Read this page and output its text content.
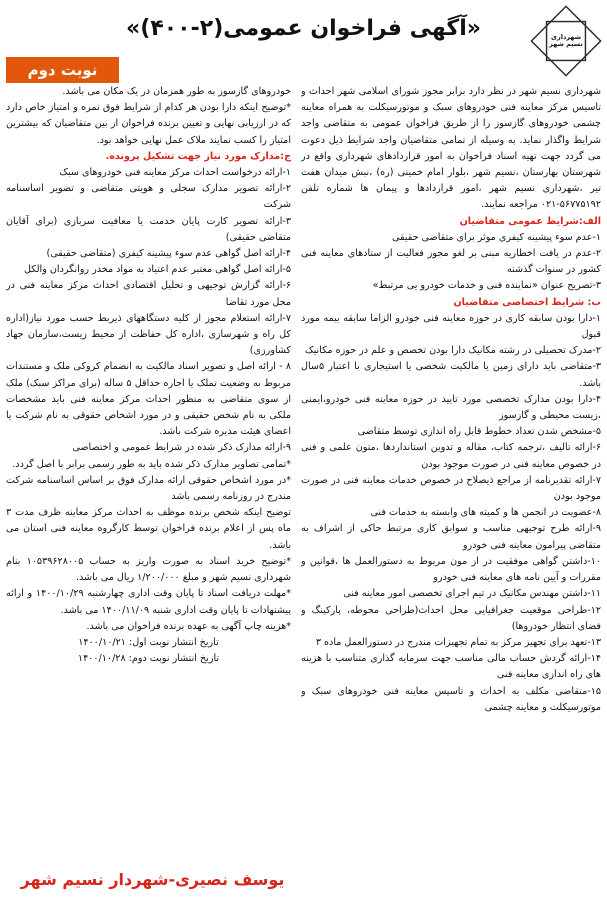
شهرداری نسیم شهر
«آگهی فراخوان عمومی(۲-۴۰۰)»
نوبت دوم

شهرداری نسیم شهر در نظر دارد برابر مجوز شورای اسلامی شهر احداث و تاسیس مرکز معاینه فنی خودروهای سبک و موتورسیکلت به همراه معاینه چشمی خودروهای گازسوز را از طریق فراخوان عمومی به متقاضی واجد شرایط واگذار نماید. به وسیله از تمامی متقاضیان واجد شرایط ذیل دعوت می گردد جهت تهیه اسناد فراخوان به امور قراردادهای شهرداری واقع در شهرستان بهارستان ،نسیم شهر ،بلوار امام خمینی (ره) ،نبش میدان هفت تیر ،شهرداری نسیم شهر ،امور قراردادها و پیمان ها شماره تلفن ۵۶۷۷۵۱۹۲-۰۲۱ مراجعه نمایند.

الف:شرایط عمومی متقاضیان

۱-عدم سوء پیشینه کیفری موثر برای متقاضی حقیقی

۲-عدم در یافت اخطاریه مبنی بر لغو مجوز فعالیت از ستادهای معاینه فنی کشور در سنوات گذشته

۳-تصریح عنوان «نماینده فنی و خدمات خودرو یی مرتبط»

ب: شرایط اختصاصی متقاضیان

۱-دارا بودن سابقه کاری در حوزه معاینه فنی خودرو الزاما سابقه بیمه مورد قبول

۲-مدرک تحصیلی در رشته مکانیک دارا بودن تخصص و علم در حوزه مکانیک

۳-متقاضی باید دارای زمین یا مالکیت شخصی یا استیجاری با اعتبار ۵سال باشد.

۴-دارا بودن مدارک تخصصی مورد تایید در حوزه معاینه فنی خودرو،ایمنی ،زیست محیطی و گازسوز

۵-مشخص شدن تعداد خطوط قابل راه اندازی توسط متقاضی

۶-ارائه تالیف ،ترجمه کتاب، مقاله و تدوین استانداردها ،متون علمی و فنی در خصوص معاینه فنی در صورت موجود بودن

۷-ارائه تقدیرنامه از مراجع ذیصلاح در خصوص خدمات معاینه فنی در صورت موجود بودن

۸-عضویت در انجمن ها و کمیته های وابسته به خدمات فنی

۹-ارائه طرح توجیهی مناسب و سوابق کاری مرتبط حاکی از اشراف به متقاضی پیرامون معاینه فنی خودرو

۱۰-داشتن گواهی موفقیت در از مون مربوط به دستورالعمل ها ،قوانین و مقررات و آیین نامه های معاینه فنی خودرو

۱۱-داشتن مهندس مکانیک در تیم اجرای تخصصی امور معاینه فنی

۱۲-طراحی موقعیت جغرافیایی محل احداث(طراحی محوطه، پارکینگ و فضای انتظار خودروها)

۱۳-تعهد برای تجهیز مرکز به تمام تجهیزات مندرج در دستورالعمل ماده ۳

۱۴-ارائه گردش حساب مالی مناسب جهت سرمایه گذاری متناسب با هزینه های راه اندازی معاینه فنی

۱۵-متقاضی مکلف به احداث و تاسیس معاینه فنی خودروهای سبک و موتورسیکلت و معاینه چشمی

خودروهای گازسوز به طور همزمان در یک مکان می باشد.

*توضیح اینکه دارا بودن هر کدام از شرایط فوق نمره و امتیاز خاص دارد که در ارزیابی نهایی و تعیین برنده فراخوان از بین متقاضیان که بیشترین امتیاز را کسب نمایند ملاک عمل نهایی خواهد بود.

ج:مدارک مورد نیاز جهت تشکیل پرونده.

۱-ارائه درخواست احداث مرکز معاینه فنی خودروهای سبک

۲-ارائه تصویر مدارک سجلی و هویتی متقاضی و تصویر اساسنامه شرکت

۳-ارائه تصویر کارت پایان خدمت یا معافیت سربازی (برای آقایان متقاضی حقیقی)

۴-ارائه اصل گواهی عدم سوء پیشینه کیفری (متقاضی حقیقی)

۵-ارائه اصل گواهی معتبر عدم اعتیاد به مواد مخدر روانگردان والکل

۶-ارائه گزارش توجیهی و تحلیل اقتصادی احداث مرکز معاینه فنی در محل مورد تقاضا

۷-ارائه استعلام مجوز از کلیه دستگاههای ذیربط حسب مورد نیاز(اداره کل راه و شهرسازی ،اداره کل حفاظت از محیط زیست،سازمان جهاد کشاورزی)

۸ - ارائه اصل و تصویر اسناد مالکیت به انضمام کروکی ملک و مستندات مربوط به وضعیت تملک یا اجاره حداقل ۵ ساله (برای مراکز سبک) ملک از سوی متقاضی به منظور احداث مرکز معاینه فنی باید مشخصات ملکی به نام شخص حقیقی و در مورد اشخاص حقوقی به نام شرکت یا اعضای هیئت مدیره شرکت باشد.

۹-ارائه مدارک ذکر شده در شرایط عمومی و اختصاصی

*تمامی تصاویر مدارک ذکر شده باید به طور رسمی برابر با اصل گردد.

*در مورد اشخاص حقوقی ارائه مدارک فوق بر اساس اساسنامه شرکت مندرج در روزنامه رسمی باشد

توضیح اینکه شخص برنده موظف به احداث مرکز معاینه ظرف مدت ۳ ماه پس از اعلام برنده فراخوان توسط کارگروه معاینه فنی استان می باشد.

*توضیح خرید اسناد به صورت واریز به حساب ۱۰۵۳۹۶۲۸۰۰۵ بنام شهرداری نسیم شهر و مبلغ ۱/۲۰۰/۰۰۰ ریال می باشد.

*مهلت دریافت اسناد تا پایان وقت اداری چهارشنبه ۱۴۰۰/۱۰/۲۹ و ارائه پیشنهادات تا پایان وقت اداری شنبه ۱۴۰۰/۱۱/۰۹ می باشد.

*هزینه چاپ آگهی به عهده برنده فراخوان می باشد.

تاریخ انتشار نوبت اول: ۱۴۰۰/۱۰/۲۱

تاریخ انتشار نوبت دوم: ۱۴۰۰/۱۰/۲۸

یوسف نصیری-شهردار نسیم شهر
